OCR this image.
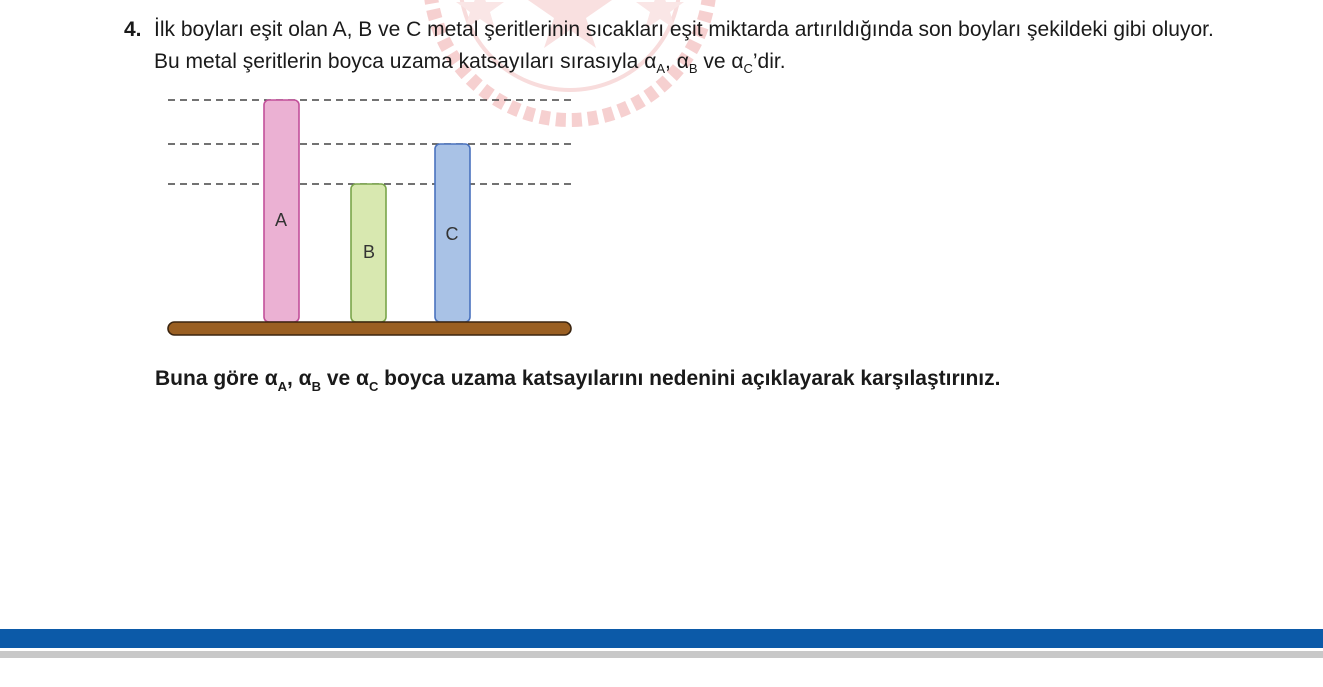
4. İlk boyları eşit olan A, B ve C metal şeritlerinin sıcakları eşit miktarda artırıldığında son boyları şekildeki gibi oluyor. Bu metal şeritlerin boyca uzama katsayıları sırasıyla $\alpha_A$, $\alpha_B$ ve $\alpha_C’dir$.
A
B
C
Buna göre $\alpha_A$, $\alpha_B$ ve $\alpha_C$ boyca uzama katsayılarını nedenini açıklayarak karşılaştırınız.
